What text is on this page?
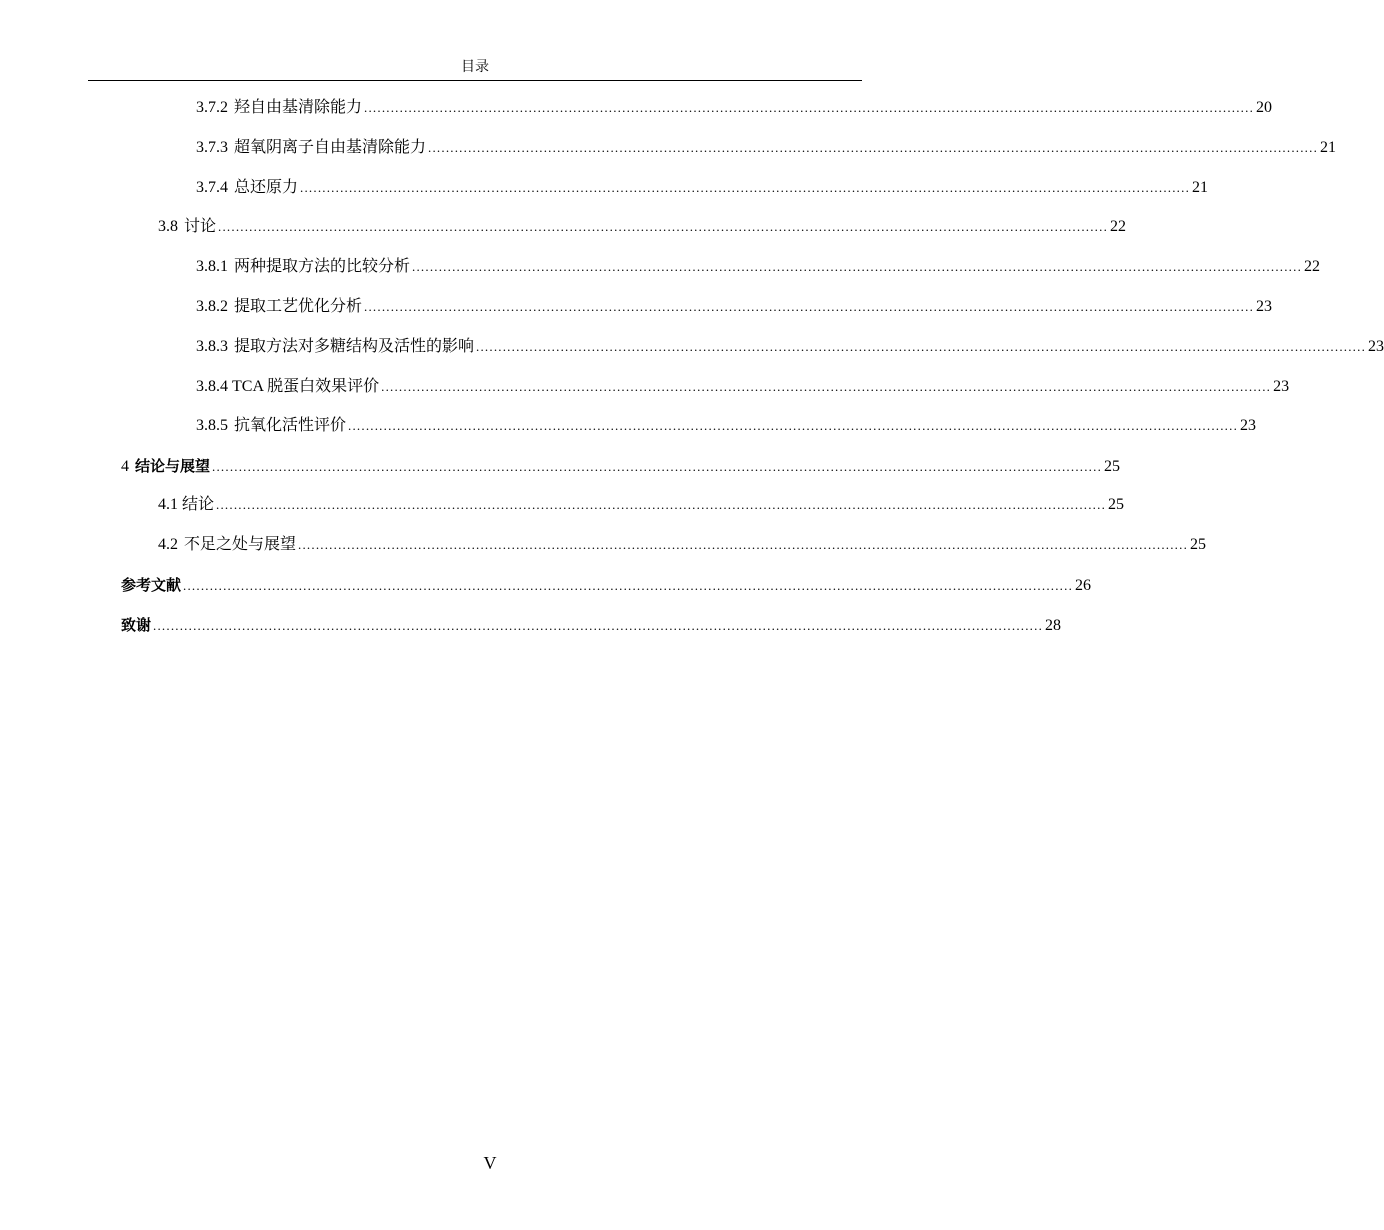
目录
3.7.2 羟自由基清除能力 ........................................................................................................................................................................................................ 20
3.7.3 超氧阴离子自由基清除能力 ........................................................................................................................................................................................................ 21
3.7.4 总还原力 ........................................................................................................................................................................................................ 21
3.8 讨论 ........................................................................................................................................................................................................ 22
3.8.1 两种提取方法的比较分析 ........................................................................................................................................................................................................ 22
3.8.2 提取工艺优化分析 ........................................................................................................................................................................................................ 23
3.8.3 提取方法对多糖结构及活性的影响 ........................................................................................................................................................................................................ 23
3.8.4 TCA 脱蛋白效果评价 ........................................................................................................................................................................................................ 23
3.8.5 抗氧化活性评价 ........................................................................................................................................................................................................ 23
4 结论与展望 ........................................................................................................................................................................................................ 25
4.1 结论 ........................................................................................................................................................................................................ 25
4.2 不足之处与展望 ........................................................................................................................................................................................................ 25
参考文献 ........................................................................................................................................................................................................ 26
致谢 ........................................................................................................................................................................................................ 28
V
